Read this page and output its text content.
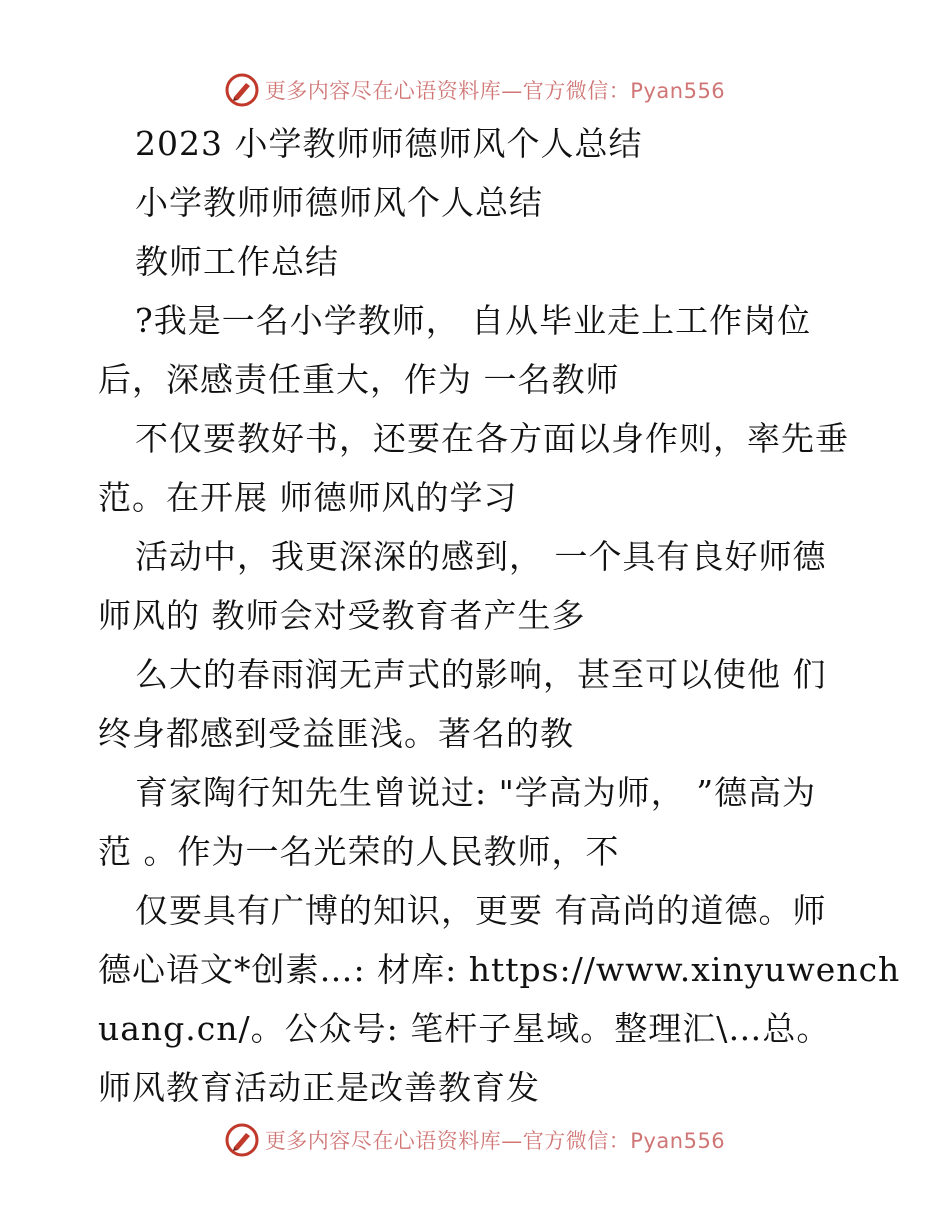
更多内容尽在心语资料库—官方微信：Pyan556
2023 小学教师师德师风个人总结
小学教师师德师风个人总结
教师工作总结
?我是一名小学教师， 自从毕业走上工作岗位
后，深感责任重大，作为 一名教师
不仅要教好书，还要在各方面以身作则，率先垂
范。在开展 师德师风的学习
活动中，我更深深的感到， 一个具有良好师德
师风的 教师会对受教育者产生多
么大的春雨润无声式的影响，甚至可以使他 们
终身都感到受益匪浅。著名的教
育家陶行知先生曾说过: "学高为师， ”德高为
范 。作为一名光荣的人民教师，不
仅要具有广博的知识，更要 有高尚的道德。师
德心语文*创素…: 材库: https://www.xinyuwench
uang.cn/。公众号: 笔杆子星域。整理汇\…总。
师风教育活动正是改善教育发
更多内容尽在心语资料库—官方微信：Pyan556
